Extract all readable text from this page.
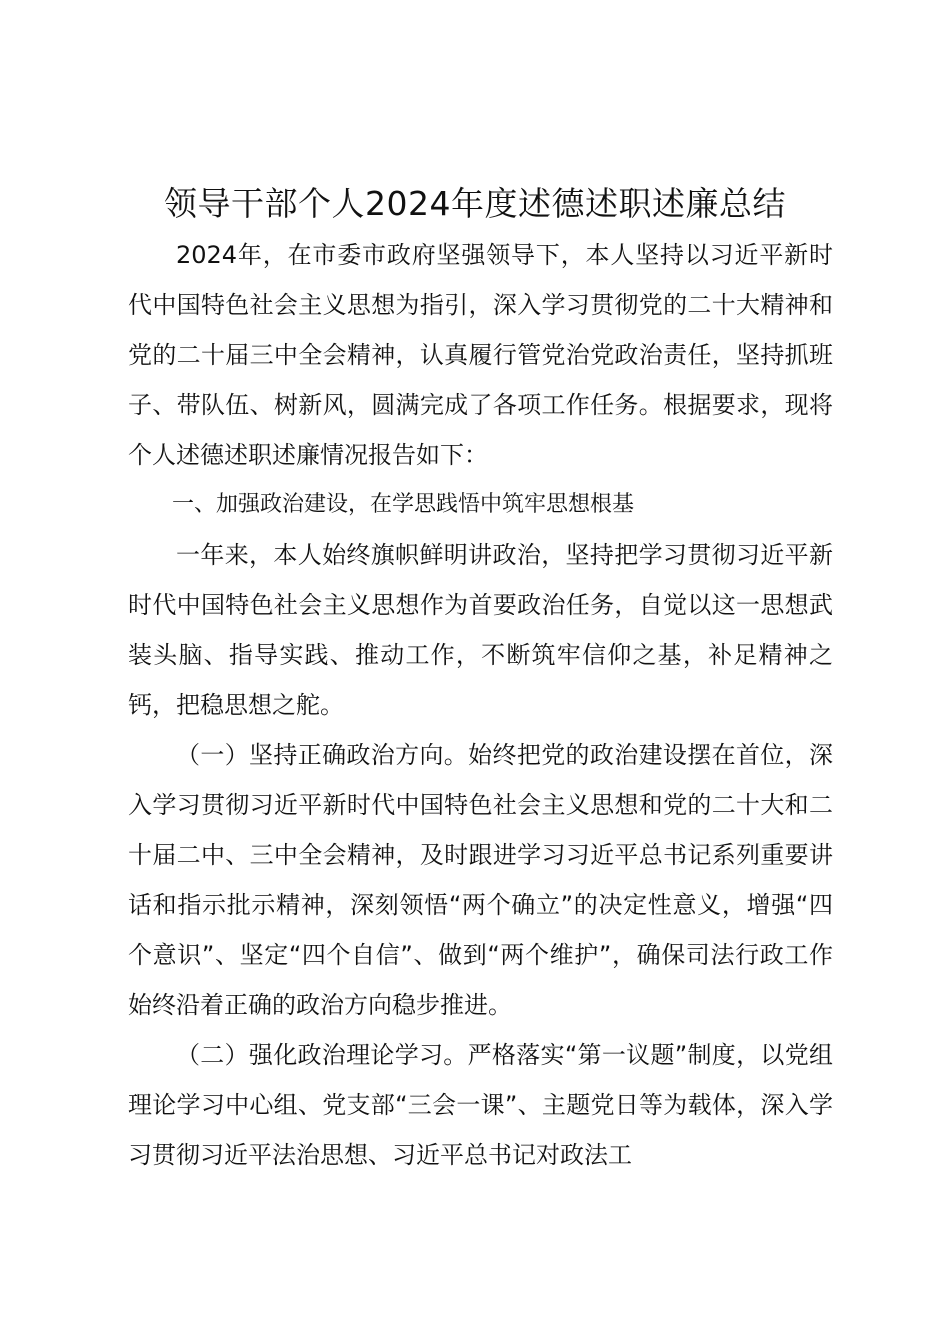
领导干部个人2024年度述德述职述廉总结

2024年，在市委市政府坚强领导下，本人坚持以习近平新时代中国特色社会主义思想为指引，深入学习贯彻党的二十大精神和党的二十届三中全会精神，认真履行管党治党政治责任，坚持抓班子、带队伍、树新风，圆满完成了各项工作任务。根据要求，现将个人述德述职述廉情况报告如下：

一、加强政治建设，在学思践悟中筑牢思想根基

一年来，本人始终旗帜鲜明讲政治，坚持把学习贯彻习近平新时代中国特色社会主义思想作为首要政治任务，自觉以这一思想武装头脑、指导实践、推动工作，不断筑牢信仰之基，补足精神之钙，把稳思想之舵。

（一）坚持正确政治方向。始终把党的政治建设摆在首位，深入学习贯彻习近平新时代中国特色社会主义思想和党的二十大和二十届二中、三中全会精神，及时跟进学习习近平总书记系列重要讲话和指示批示精神，深刻领悟“两个确立”的决定性意义，增强“四个意识”、坚定“四个自信”、做到“两个维护”，确保司法行政工作始终沿着正确的政治方向稳步推进。

（二）强化政治理论学习。严格落实“第一议题”制度，以党组理论学习中心组、党支部“三会一课”、主题党日等为载体，深入学习贯彻习近平法治思想、习近平总书记对政法工
